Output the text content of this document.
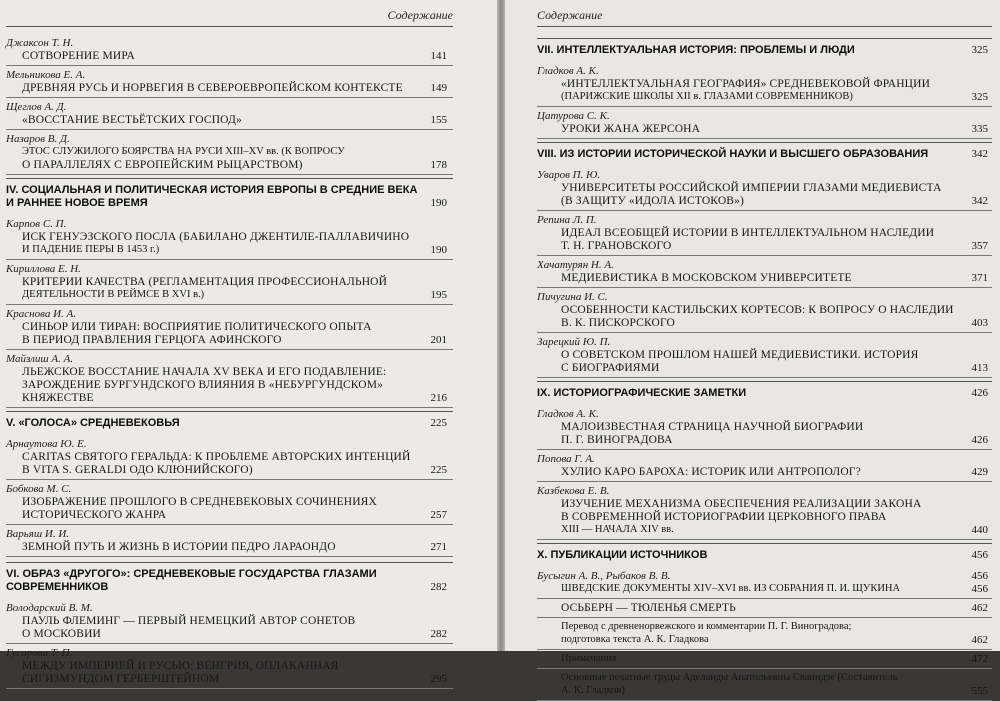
Содержание
Джаксон Т. Н.
СОТВОРЕНИЕ МИРА	141
Мельникова Е. А.
ДРЕВНЯЯ РУСЬ И НОРВЕГИЯ В СЕВЕРОЕВРОПЕЙСКОМ КОНТЕКСТЕ	149
Щеглов А. Д.
«ВОССТАНИЕ ВЕСТЬЁТСКИХ ГОСПОД»	155
Назаров В. Д.
ЭТОС СЛУЖИЛОГО БОЯРСТВА НА РУСИ XIII–XV вв. (К ВОПРОСУ
О ПАРАЛЛЕЛЯХ С ЕВРОПЕЙСКИМ РЫЦАРСТВОМ)	178
IV. СОЦИАЛЬНАЯ И ПОЛИТИЧЕСКАЯ ИСТОРИЯ ЕВРОПЫ В СРЕДНИЕ ВЕКА
И РАННЕЕ НОВОЕ ВРЕМЯ	190
Карпов С. П.
ИСК ГЕНУЭЗСКОГО ПОСЛА (БАБИЛАНО ДЖЕНТИЛЕ-ПАЛЛАВИЧИНО
И ПАДЕНИЕ ПЕРЫ В 1453 г.)	190
Кириллова Е. Н.
КРИТЕРИИ КАЧЕСТВА (РЕГЛАМЕНТАЦИЯ ПРОФЕССИОНАЛЬНОЙ
ДЕЯТЕЛЬНОСТИ В РЕЙМСЕ В XVI в.)	195
Краснова И. А.
СИНЬОР ИЛИ ТИРАН: ВОСПРИЯТИЕ ПОЛИТИЧЕСКОГО ОПЫТА
В ПЕРИОД ПРАВЛЕНИЯ ГЕРЦОГА АФИНСКОГО	201
Майзлиш А. А.
ЛЬЕЖСКОЕ ВОССТАНИЕ НАЧАЛА XV ВЕКА И ЕГО ПОДАВЛЕНИЕ:
ЗАРОЖДЕНИЕ БУРГУНДСКОГО ВЛИЯНИЯ В «НЕБУРГУНДСКОМ»
КНЯЖЕСТВЕ	216
V. «ГОЛОСА» СРЕДНЕВЕКОВЬЯ	225
Арнаутова Ю. Е.
CARITAS СВЯТОГО ГЕРАЛЬДА: К ПРОБЛЕМЕ АВТОРСКИХ ИНТЕНЦИЙ
В VITA S. GERALDI ОДО КЛЮНИЙСКОГО)	225
Бобкова М. С.
ИЗОБРАЖЕНИЕ ПРОШЛОГО В СРЕДНЕВЕКОВЫХ СОЧИНЕНИЯХ
ИСТОРИЧЕСКОГО ЖАНРА	257
Варьяш И. И.
ЗЕМНОЙ ПУТЬ И ЖИЗНЬ В ИСТОРИИ ПЕДРО ЛАРАОНДО	271
VI. ОБРАЗ «ДРУГОГО»: СРЕДНЕВЕКОВЫЕ ГОСУДАРСТВА ГЛАЗАМИ
СОВРЕМЕННИКОВ	282
Володарский В. М.
ПАУЛЬ ФЛЕМИНГ — ПЕРВЫЙ НЕМЕЦКИЙ АВТОР СОНЕТОВ
О МОСКОВИИ	282
Гусарова Т. П.
МЕЖДУ ИМПЕРИЕЙ И РУСЬЮ: ВЕНГРИЯ, ОПЛАКАННАЯ
СИГИЗМУНДОМ ГЕРБЕРШТЕЙНОМ	295
Содержание
VII. ИНТЕЛЛЕКТУАЛЬНАЯ ИСТОРИЯ: ПРОБЛЕМЫ И ЛЮДИ	325
Гладков А. К.
«ИНТЕЛЛЕКТУАЛЬНАЯ ГЕОГРАФИЯ» СРЕДНЕВЕКОВОЙ ФРАНЦИИ
(ПАРИЖСКИЕ ШКОЛЫ XII в. ГЛАЗАМИ СОВРЕМЕННИКОВ)	325
Цатурова С. К.
УРОКИ ЖАНА ЖЕРСОНА	335
VIII. ИЗ ИСТОРИИ ИСТОРИЧЕСКОЙ НАУКИ И ВЫСШЕГО ОБРАЗОВАНИЯ	342
Уваров П. Ю.
УНИВЕРСИТЕТЫ РОССИЙСКОЙ ИМПЕРИИ ГЛАЗАМИ МЕДИЕВИСТА
(В ЗАЩИТУ «ИДОЛА ИСТОКОВ»)	342
Репина Л. П.
ИДЕАЛ ВСЕОБЩЕЙ ИСТОРИИ В ИНТЕЛЛЕКТУАЛЬНОМ НАСЛЕДИИ
Т. Н. ГРАНОВСКОГО	357
Хачатурян Н. А.
МЕДИЕВИСТИКА В МОСКОВСКОМ УНИВЕРСИТЕТЕ	371
Пичугина И. С.
ОСОБЕННОСТИ КАСТИЛЬСКИХ КОРТЕСОВ: К ВОПРОСУ О НАСЛЕДИИ
В. К. ПИСКОРСКОГО	403
Зарецкий Ю. П.
О СОВЕТСКОМ ПРОШЛОМ НАШЕЙ МЕДИЕВИСТИКИ. ИСТОРИЯ
С БИОГРАФИЯМИ	413
IX. ИСТОРИОГРАФИЧЕСКИЕ ЗАМЕТКИ	426
Гладков А. К.
МАЛОИЗВЕСТНАЯ СТРАНИЦА НАУЧНОЙ БИОГРАФИИ
П. Г. ВИНОГРАДОВА	426
Попова Г. А.
ХУЛИО КАРО БАРОХА: ИСТОРИК ИЛИ АНТРОПОЛОГ?	429
Казбекова Е. В.
ИЗУЧЕНИЕ МЕХАНИЗМА ОБЕСПЕЧЕНИЯ РЕАЛИЗАЦИИ ЗАКОНА
В СОВРЕМЕННОЙ ИСТОРИОГРАФИИ ЦЕРКОВНОГО ПРАВА
XIII — НАЧАЛА XIV вв.	440
X. ПУБЛИКАЦИИ ИСТОЧНИКОВ	456
Бусыгин А. В., Рыбаков В. В.	456
ШВЕДСКИЕ ДОКУМЕНТЫ XIV–XVI вв. ИЗ СОБРАНИЯ П. И. ЩУКИНА	456
ОСЬБЕРН — ТЮЛЕНЬЯ СМЕРТЬ	462
Перевод с древненорвежского и комментарии П. Г. Виноградова;
подготовка текста А. К. Гладкова	462
Примечания	472
Основные печатные труды Аделаиды Анатольевны Сванидзе (Составитель
А. К. Гладков)	555
